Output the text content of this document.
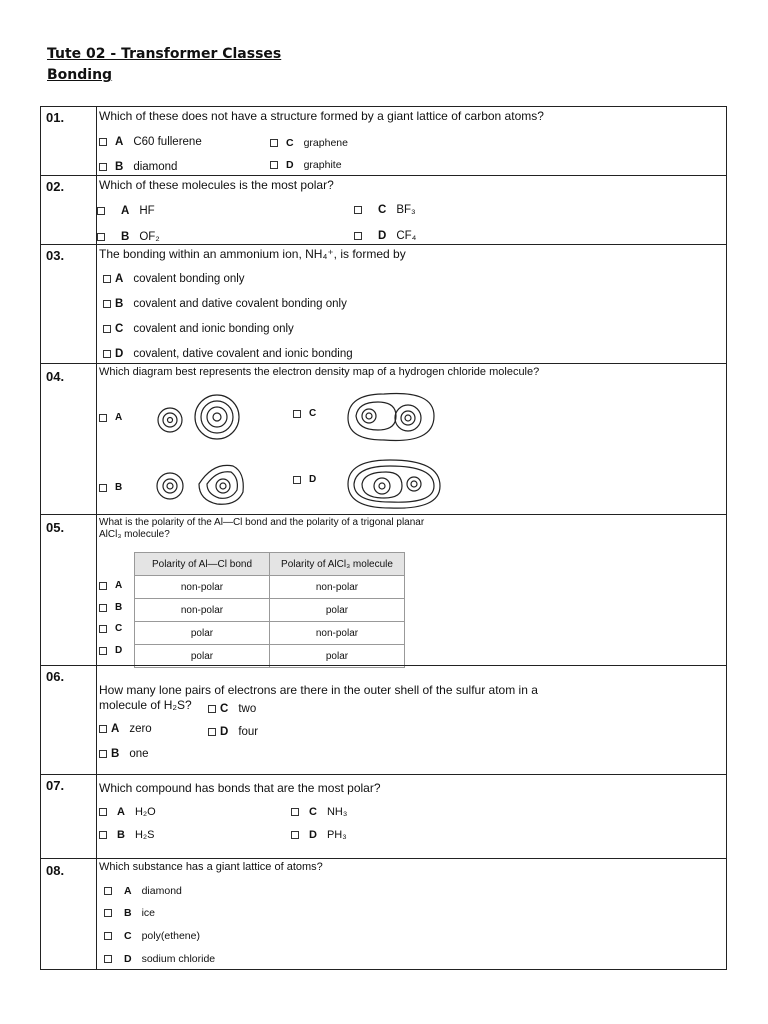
Tute 02 - Transformer Classes
Bonding
01.	Which of these does not have a structure formed by a giant lattice of carbon atoms?
A C60 fullerene
B diamond
C graphene
D graphite
02.	Which of these molecules is the most polar?
A HF
B OF₂
C BF₃
D CF₄
03.	The bonding within an ammonium ion, NH₄⁺, is formed by
A covalent bonding only
B covalent and dative covalent bonding only
C covalent and ionic bonding only
D covalent, dative covalent and ionic bonding
04.	Which diagram best represents the electron density map of a hydrogen chloride molecule?
A
B
C
D
05.	What is the polarity of the Al—Cl bond and the polarity of a trigonal planar AlCl₃ molecule?
Polarity of Al—Cl bond	Polarity of AlCl₃ molecule
non-polar	non-polar
non-polar	polar
polar	non-polar
polar	polar
A
B
C
D
06.
How many lone pairs of electrons are there in the outer shell of the sulfur atom in a
molecule of H₂S?
A zero
B one
C two
D four
07.	Which compound has bonds that are the most polar?
A H₂O
B H₂S
C NH₃
D PH₃
08.	Which substance has a giant lattice of atoms?
A diamond
B ice
C poly(ethene)
D sodium chloride
